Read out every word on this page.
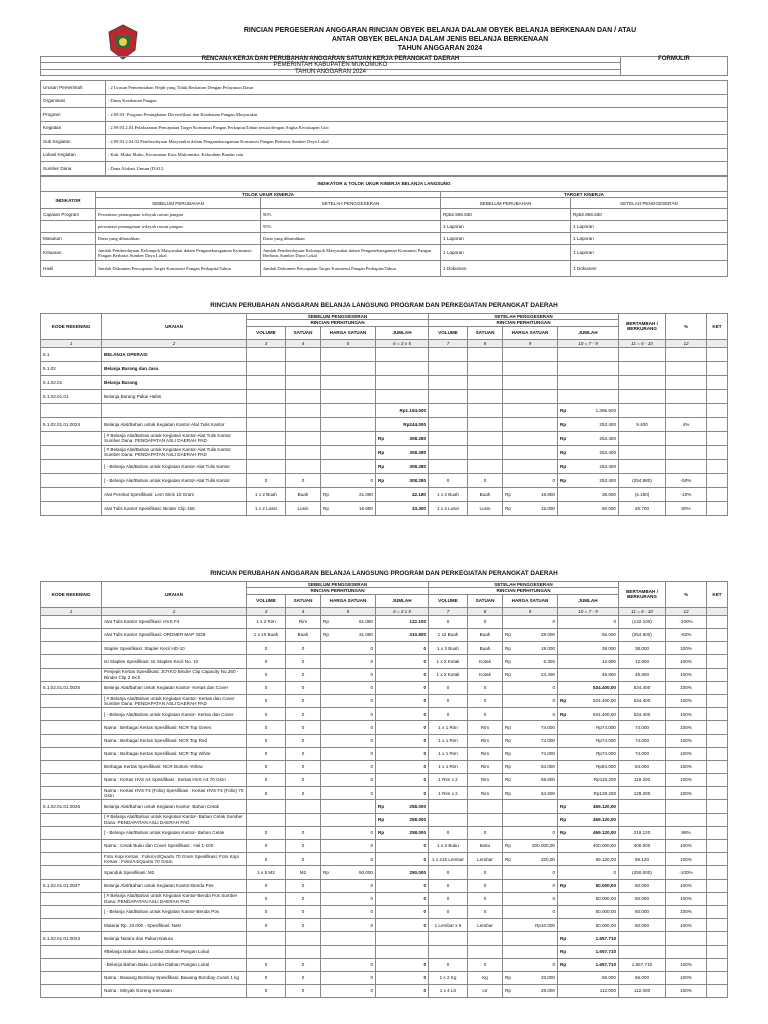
RINCIAN PERGESERAN ANGGARAN RINCIAN OBYEK BELANJA DALAM OBYEK BELANJA BERKENAAN DAN / ATAU
ANTAR OBYEK BELANJA DALAM JENIS BELANJA BERKENAAN
TAHUN ANGGARAN 2024
RENCANA KERJA DAN PERUBAHAN ANGGARAN SATUAN KERJA PERANGKAT DAERAH	FORMULIR
PEMERINTAH KABUPATEN MUKOMUKO
TAHUN ANGGARAN 2024
Urusan Pemerintah	: 2 Urusan Pemerintahan Wajib yang Tidak Berkaitan Dengan Pelayanan Dasar
Organisasi	: Dinas Ketahanan Pangan
Program	: 2.09.03- Program Peningkatan Diversifikasi dan Ketahanan Pangan Masyarakat
Kegiatan	: 2.09.03.2.04 Pelaksanaan Pencapaian Target Konsumsi Pangan Perkapita/Tahun sesuai dengan Angka Kecukupan Gizi
Sub Kegiatan	: 2.09.03.2.04.02 Pemberdayaan Masyarakat dalam Penganekaragaman Konsumsi Pangan Berbasis Sumber Daya Lokal
Lokasi Kegiatan	: Kab. Muko Muko, Kecamatan Kota Mukomuko, Kelurahan Bandar ratu
Sumber Dana	: Dana Alokasi Umum (DAU)
INDIKATOR & TOLOK UKUR KINERJA BELANJA LANGSUNG				
INDIKATOR	TOLOK UKUR KINERJA		TARGET KINERJA	
	SEBELUM PERUBAHAN	SETELAH PENGGESERAN	SEBELUM PERUBAHAN	SETELAH PENGGESERAN
Capaian Program	Persentase penanganan wilayah rawan pangan	90%	Rp52.956.630	Rp52.956.630
	persentase penanganan wilayah rawan pangan	95%	1 Laporan	1 Laporan
Masukan	Dana yang dibutuhkan	Dana yang dibutuhkan	1 Laporan	1 Laporan
Keluaran	Jumlah Pemberdayaan Kelompok Masyarakat dalam Penganekaragaman Konsumsi Pangan Berbasis Sumber Daya Lokal	Jumlah Pemberdayaan Kelompok Masyarakat dalam Penganekaragaman Konsumsi Pangan Berbasis Sumber Daya Lokal	1 Laporan	1 Laporan
Hasil	Jumlah Dokumen Pencapaian Target Konsumsi Pangan Perkapita/Tahun	Jumlah Dokumen Pencapaian Target Konsumsi Pangan Perkapita/Tahun	1 Dokumen	1 Dokumen
RINCIAN PERUBAHAN ANGGARAN BELANJA LANGSUNG PROGRAM DAN PERKEGIATAN PERANGKAT DAERAH
KODE REKENING	URAIAN	SEBELUM PENGGESERAN					SETELAH PENGGESERAN					BERTAMBAH / BERKURANG	%	KET
		RINCIAN PERHITUNGAN					RINCIAN PERHITUNGAN							
		VOLUME	SATUAN	HARGA SATUAN		JUMLAH	VOLUME	SATUAN	HARGA SATUAN		JUMLAH			
1	2	3	4	5		6 = 3 x 5	7	8	9		10 = 7 - 9	11 = 6 - 10	12	
5.1	BELANJA OPERASI					

5.1.02	Belanja Barang dan Jasa					

5.1.02.01	Belanja Barang					

5.1.02.01.01	Belanja Barang Pakai Habis					

Rp1.194.000					Rp 1.395.920			
5.1.02.01.01.0024	Belanja Alat/Bahan untuk Kegiatan Kantor-Alat Tulis Kantor					Rp244.000					Rp 253.400	9.400	4%	
	[ # Belanja Alat/Bahan untuk Kegiatan Kantor-Alat Tulis Kantor Sumber Dana: PENDAPATAN ASLI DAERAH PAD					Rp 308.280					Rp 253.400			
	[ # Belanja Alat/Bahan untuk Kegiatan Kantor-Alat Tulis Kantor Sumber Dana: PENDAPATAN ASLI DAERAH PAD					Rp 308.280					Rp 253.400			
	[ - Belanja Alat/Bahan untuk Kegiatan Kantor-Alat Tulis Kantor					Rp 308.280					Rp 253.400			
	[ - Belanja Alat/Bahan untuk Kegiatan Kantor-Alat Tulis Kantor	0	0		0	Rp 308.280	0	0		0	Rp 253.400	(254.880)	-50%	
	Alat Perekat Spesifikasi: Lem Stick 10 Gram	1 x 2 Buah	Buah	Rp	21.090	42.180	1 x 2 Buah	Buah	Rp	19.800	39.600	(4.180)	-10%	
	Alat Tulis Kantor Spesifikasi: Binder Clip 155	1 x 2 Lusin	Lusin	Rp	16.650	33.300	1 x 4 Lusin	Lusin	Rp	15.000	60.000	26.700	80%	
RINCIAN PERUBAHAN ANGGARAN BELANJA LANGSUNG PROGRAM DAN PERKEGIATAN PERANGKAT DAERAH
KODE REKENING	URAIAN	SEBELUM PENGGESERAN					SETELAH PENGGESERAN					BERTAMBAH / BERKURANG	%	KET
		RINCIAN PERHITUNGAN					RINCIAN PERHITUNGAN							
		VOLUME	SATUAN	HARGA SATUAN		JUMLAH	VOLUME	SATUAN	HARGA SATUAN		JUMLAH			
1	2	3	4	5		6 = 3 x 5	7	8	9		10 = 7 - 9	11 = 6 - 10	12	
	Alat Tulis Kantor Spesifikasi: HVS F4	1 x 2 Rim	Rim	Rp	61.050	122.100	0	0		0	0	(122.100)	-100%	
	Alat Tulis Kantor Spesifikasi: ORDNER MAP GDB	1 x 10 Buah	Buah	Rp	31.080	310.800	1 x2 Buah	Buah	Rp	28.000	56.000	(254.800)	-82%	
	Stapler Spesifikasi: Stapler Kecil HD-10	0	0		0	0	1 x 2 Buah	Buah	Rp	19.000	38.000	38.000	100%	
	Isi Staples Spesifikasi: Isi Staples Kecil No. 10	0	0		0	0	1 x 2 Kotak	Kotak	Rp	6.300	12.600	12.600	100%	
	Penjepit Kertas Spesifikasi: JOYKO Binder Clip Capacity No.260 - Binder Clip 2 Inch	0	0		0	0	1 x 2 Kotak	Kotak	Rp	24.400	48.800	48.800	100%	
5.1.02.01.01.0025	Belanja Alat/Bahan untuk Kegiatan Kantor- Kertas dan Cover	0	0		0	0	0	0		0	534.400,00	534.400	100%	
	[ # Belanja Alat/Bahan untuk Kegiatan Kantor- Kertas dan Cover Sumber Dana: PENDAPATAN ASLI DAERAH PAD	0	0		0	0	0	0		0	Rp 534.400,00	534.400	100%	
	[ - Belanja Alat/Bahan untuk Kegiatan Kantor- Kertas dan Cover	0	0		0	0	0	0		0	Rp 534.400,00	534.400	100%	
	Nama : Berbagai Kertas Spesifikasi: NCR Top Green	0	0		0	0	1 x 1 Rim	Rim	Rp	74.000	Rp74.000	74.000	100%	
	Nama : Berbagai Kertas Spesifikasi: NCR Top Red	0	0		0	0	1 x 1 Rim	Rim	Rp	74.000	Rp74.000	74.000	100%	
	Nama : Berbagai Kertas Spesifikasi: NCR Top White	0	0		0	0	1 x 1 Rim	Rim	Rp	74.000	Rp74.000	74.000	100%	
	Berbagai Kertas Spesifikasi: NCR Bottom Yellow	0	0		0	0	1 x 1 Rim	Rim	Rp	84.000	Rp84.000	84.000	100%	
	Nama : Kertas HVS A4 Spesifikasi : Kertas HVS A4 70 Gsm	0	0		0	0	1 Rim x 2	Rim	Rp	59.600	Rp119.200	119.200	100%	
	Nama : Kertas HVS F4 (Folio) Spesifikasi : Kertas HVS F4 (Folio) 70 Gsm	0	0		0	0	1 Rim x 2	Rim	Rp	64.600	Rp129.200	129.200	100%	
5.1.02.01.01.0026	Belanja Alat/Bahan untuk Kegiatan Kantor- Bahan Cetak					Rp 258.000					Rp 469.120,00			
	[ # Belanja Alat/Bahan untuk Kegiatan Kantor- Bahan Cetak Sumber Dana: PENDAPATAN ASLI DAERAH PAD					Rp 258.000					Rp 469.120,00			
	[ - Belanja Alat/Bahan untuk Kegiatan Kantor- Bahan Cetak	0	0		0	Rp 258.000	0	0		0	Rp 469.120,00	219.120	88%	
	Nama : Cetak Buku dan Cover Spesifikasi : Hal 1-100	0	0		0	0	1 x 2 Buku	Buku	Rp	200.000,00	400.000,00	400.000	100%	
	Foto Kopi Kertas : Folio/A4/Quarto 70 Gram Spesifikasi: Foto Kopi Kertas : Folio/A4/Quarto 70 Gram	0	0		0	0	1 x 216 Lembar	Lembar	Rp	320,00	69.120,00	69.120	100%	
	Spanduk Spesifikasi: M2	1 x 5 M2	M2	Rp	50.000	250.000	0	0		0	0	(250.000)	-100%	
5.1.02.01.01.0027	Belanja Alat/Bahan untuk Kegiatan Kantor-Benda Pos	0	0		0	0	0	0		0	Rp 50.000,00	50.000	100%	
	[ # Belanja Alat/Bahan untuk Kegiatan Kantor-Benda Pos Sumber Dana: PENDAPATAN ASLI DAERAH PAD	0	0		0	0	0	0		0	50.000,00	50.000	100%	
	[ - Belanja Alat/Bahan untuk Kegiatan Kantor-Benda Pos	0	0		0	0	0	0		0	50.000,00	50.000	100%	
	Materai Rp. 10.000 - Spesifikasi: NaN	0	0		0	0	1 Lembar x 5	Lembar		Rp10.000	50.000,00	50.000	100%	
5.1.02.01.01.0043	Belanja Natura dan Pakan-Natura										Rp 1.657.710			
	#Belanja Bahan Baku Lomba Olahan Pangan Lokal										Rp 1.657.710			
	- Belanja Bahan Baku Lomba Olahan Pangan Lokal	0	0		0	0	0	0		0	Rp 1.657.710	1.657.710	100%	
	Nama : Bawang Bombay Spesifikasi: Bawang Bombay Curah 1 kg	0	0		0	0	1 x 2 Kg	Kg	Rp	33.000	66.000	66.000	100%	
	Nama : Minyak Goreng Kemasan	0	0		0	0	1 x 4 Ltr	Ltr	Rp	28.000	112.000	112.000	100%	
